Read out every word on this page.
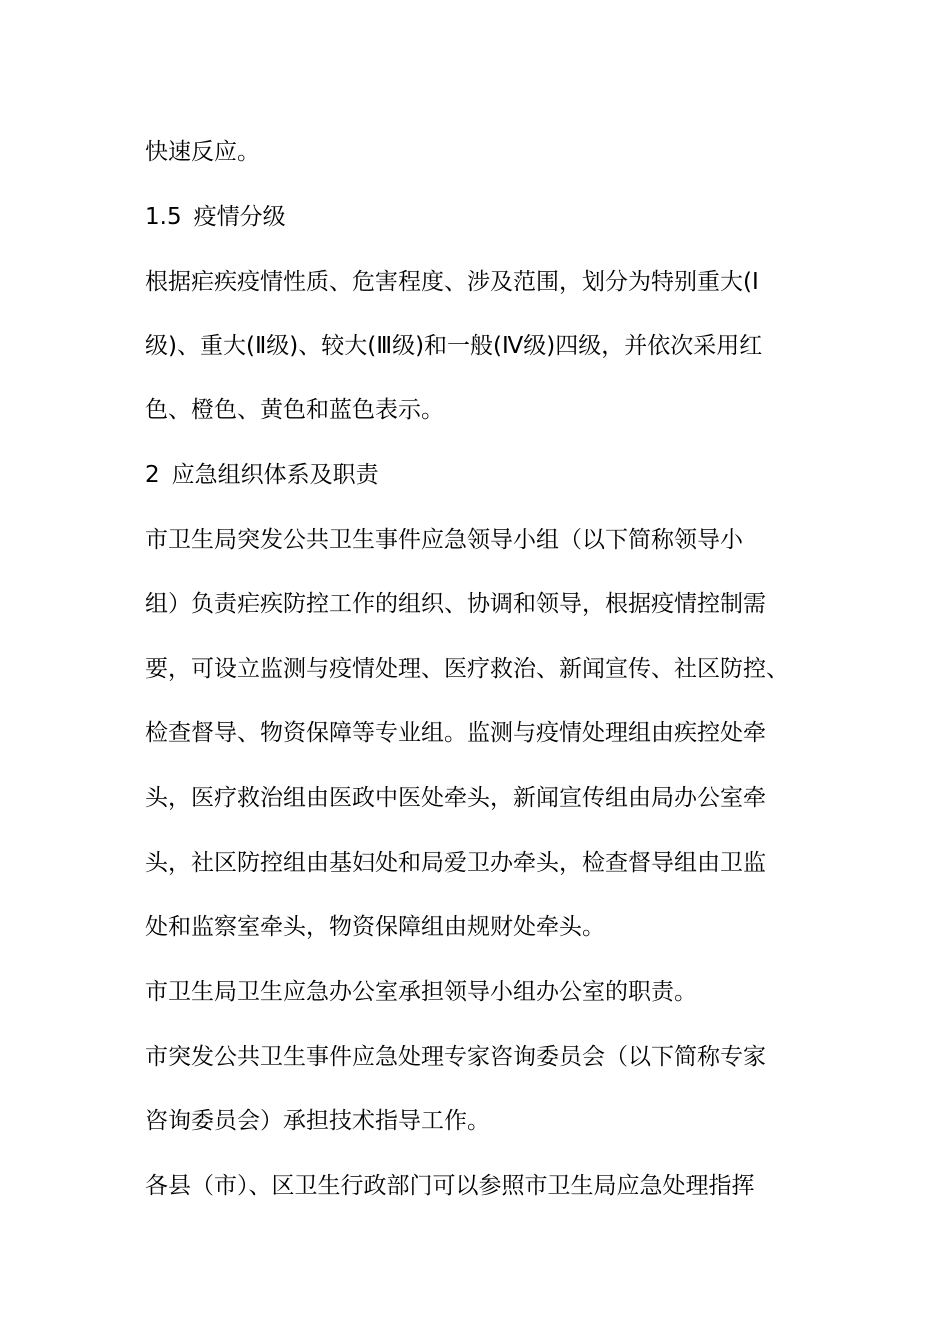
快速反应。
1.5 疫情分级
根据疟疾疫情性质、危害程度、涉及范围，划分为特别重大(Ⅰ
级)、重大(Ⅱ级)、较大(Ⅲ级)和一般(Ⅳ级)四级，并依次采用红
色、橙色、黄色和蓝色表示。
2 应急组织体系及职责
市卫生局突发公共卫生事件应急领导小组（以下简称领导小
组）负责疟疾防控工作的组织、协调和领导，根据疫情控制需
要，可设立监测与疫情处理、医疗救治、新闻宣传、社区防控、
检查督导、物资保障等专业组。监测与疫情处理组由疾控处牵
头，医疗救治组由医政中医处牵头，新闻宣传组由局办公室牵
头，社区防控组由基妇处和局爱卫办牵头，检查督导组由卫监
处和监察室牵头，物资保障组由规财处牵头。
市卫生局卫生应急办公室承担领导小组办公室的职责。
市突发公共卫生事件应急处理专家咨询委员会（以下简称专家
咨询委员会）承担技术指导工作。
各县（市）、区卫生行政部门可以参照市卫生局应急处理指挥
